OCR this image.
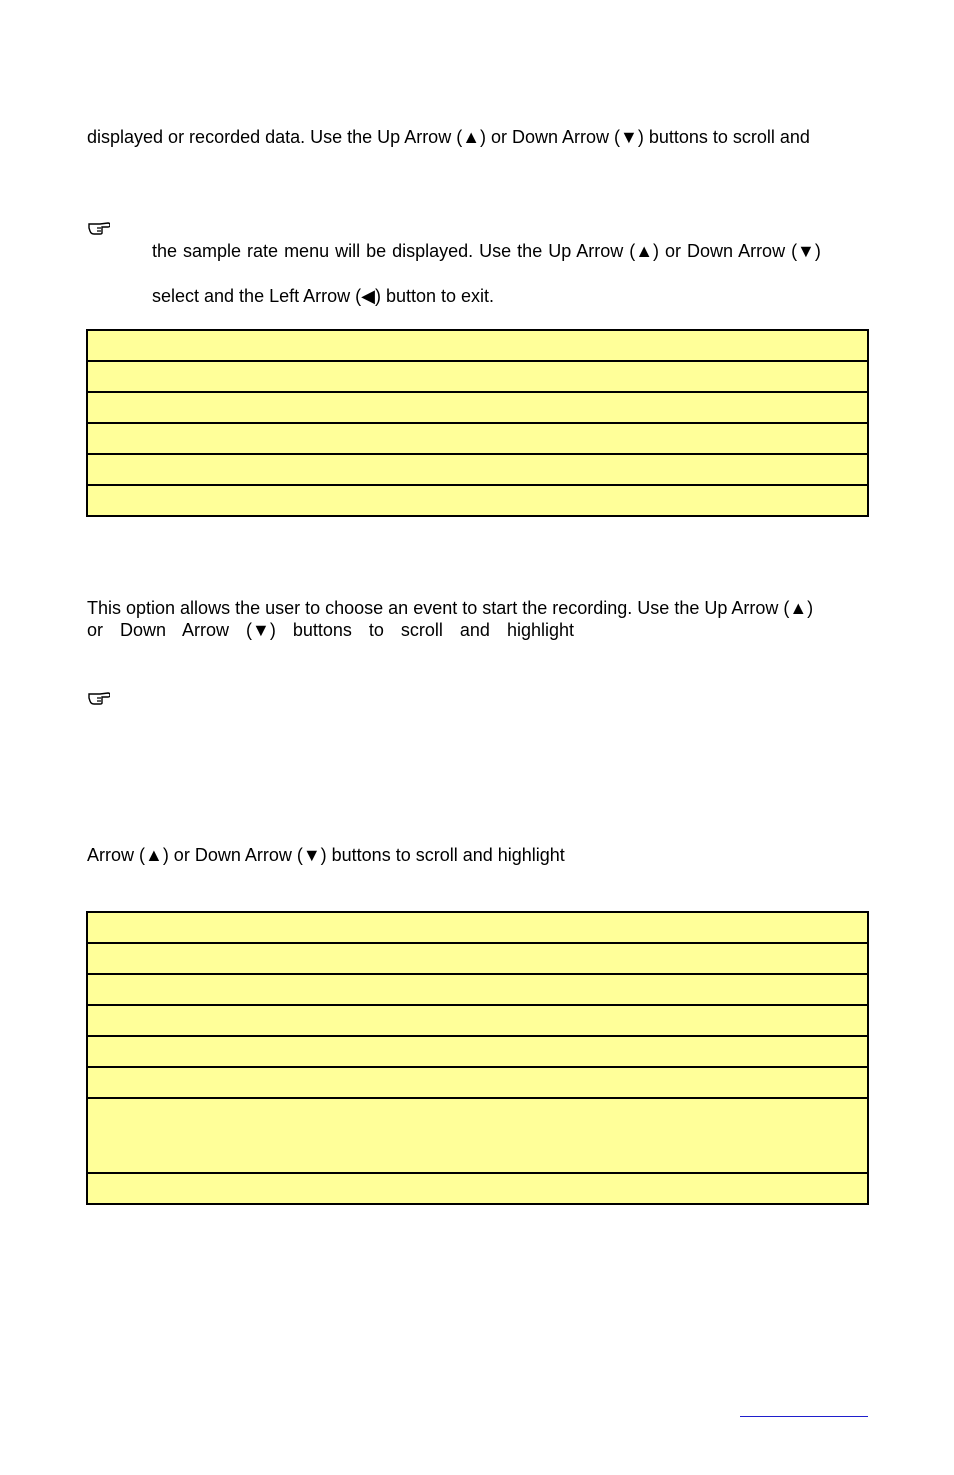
displayed or recorded data. Use the Up Arrow (▲) or Down Arrow (▼) buttons to scroll and
the sample rate menu will be displayed. Use the Up Arrow (▲) or Down Arrow (▼)
select and the Left Arrow (◀) button to exit.

This option allows the user to choose an event to start the recording. Use the Up Arrow (▲)
or Down Arrow (▼) buttons to scroll and highlight
Arrow (▲) or Down Arrow (▼) buttons to scroll and highlight
